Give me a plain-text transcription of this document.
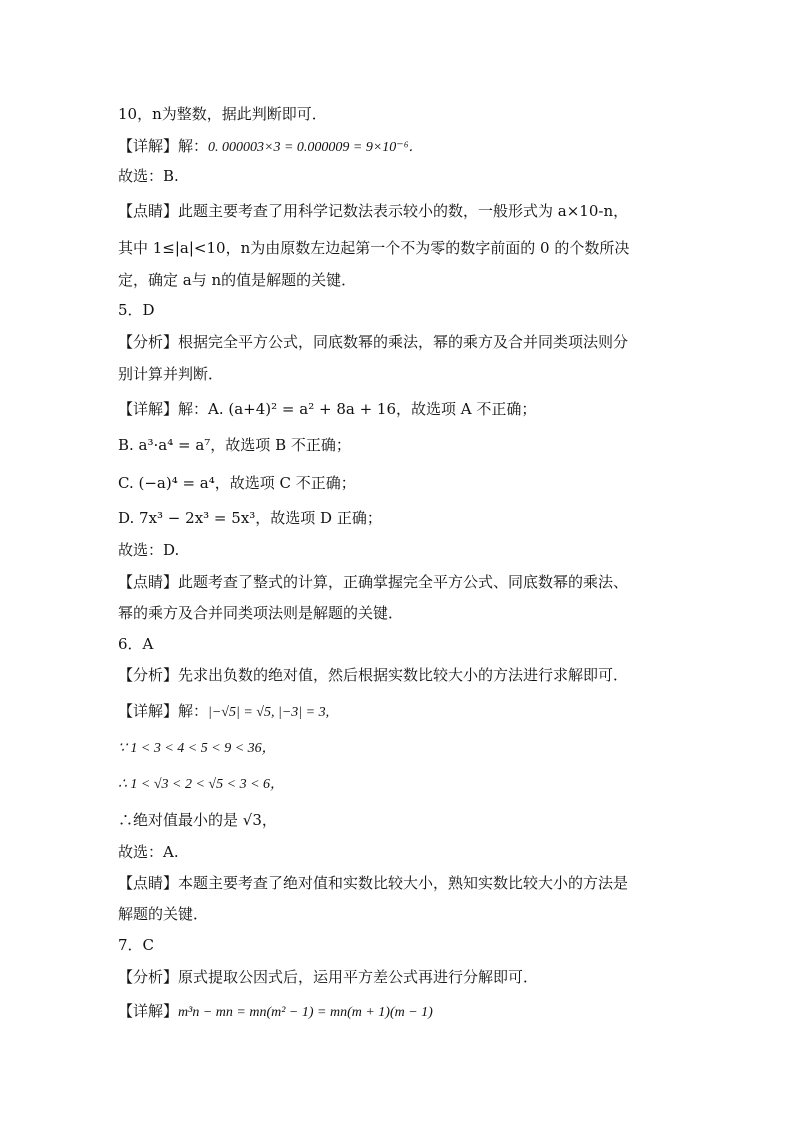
10，n为整数，据此判断即可．
【详解】解：0. 000003×3 = 0.000009 = 9×10⁻⁶．
故选：B.
【点睛】此题主要考查了用科学记数法表示较小的数，一般形式为 a×10-n，
其中 1≤|a|<10，n为由原数左边起第一个不为零的数字前面的 0 的个数所决
定，确定 a与 n的值是解题的关键．
5．D
【分析】根据完全平方公式，同底数幂的乘法，幂的乘方及合并同类项法则分
别计算并判断．
【详解】解：A. (a+4)² = a² + 8a + 16，故选项 A 不正确；
B. a³·a⁴ = a⁷，故选项 B 不正确；
C. (−a)⁴ = a⁴，故选项 C 不正确；
D. 7x³ − 2x³ = 5x³，故选项 D 正确；
故选：D.
【点睛】此题考查了整式的计算，正确掌握完全平方公式、同底数幂的乘法、
幂的乘方及合并同类项法则是解题的关键．
6．A
【分析】先求出负数的绝对值，然后根据实数比较大小的方法进行求解即可．
【详解】解：|−√5| = √5, |−3| = 3,
∵ 1 < 3 < 4 < 5 < 9 < 36，
∴ 1 < √3 < 2 < √5 < 3 < 6，
∴绝对值最小的是 √3，
故选：A.
【点睛】本题主要考查了绝对值和实数比较大小，熟知实数比较大小的方法是
解题的关键．
7．C
【分析】原式提取公因式后，运用平方差公式再进行分解即可．
【详解】m³n − mn = mn(m² − 1) = mn(m + 1)(m − 1)
